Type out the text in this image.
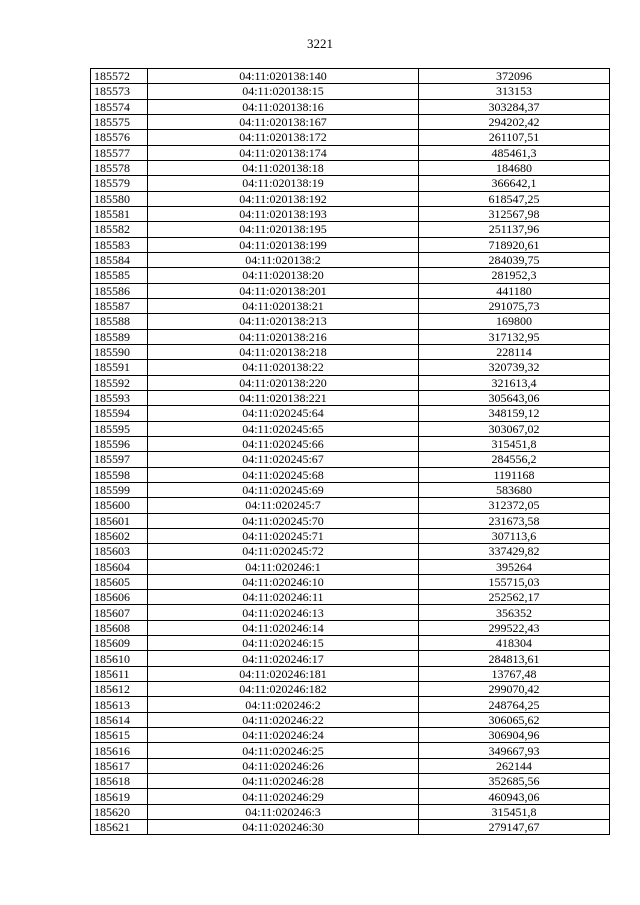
3221
185572	04:11:020138:140	372096
185573	04:11:020138:15	313153
185574	04:11:020138:16	303284,37
185575	04:11:020138:167	294202,42
185576	04:11:020138:172	261107,51
185577	04:11:020138:174	485461,3
185578	04:11:020138:18	184680
185579	04:11:020138:19	366642,1
185580	04:11:020138:192	618547,25
185581	04:11:020138:193	312567,98
185582	04:11:020138:195	251137,96
185583	04:11:020138:199	718920,61
185584	04:11:020138:2	284039,75
185585	04:11:020138:20	281952,3
185586	04:11:020138:201	441180
185587	04:11:020138:21	291075,73
185588	04:11:020138:213	169800
185589	04:11:020138:216	317132,95
185590	04:11:020138:218	228114
185591	04:11:020138:22	320739,32
185592	04:11:020138:220	321613,4
185593	04:11:020138:221	305643,06
185594	04:11:020245:64	348159,12
185595	04:11:020245:65	303067,02
185596	04:11:020245:66	315451,8
185597	04:11:020245:67	284556,2
185598	04:11:020245:68	1191168
185599	04:11:020245:69	583680
185600	04:11:020245:7	312372,05
185601	04:11:020245:70	231673,58
185602	04:11:020245:71	307113,6
185603	04:11:020245:72	337429,82
185604	04:11:020246:1	395264
185605	04:11:020246:10	155715,03
185606	04:11:020246:11	252562,17
185607	04:11:020246:13	356352
185608	04:11:020246:14	299522,43
185609	04:11:020246:15	418304
185610	04:11:020246:17	284813,61
185611	04:11:020246:181	13767,48
185612	04:11:020246:182	299070,42
185613	04:11:020246:2	248764,25
185614	04:11:020246:22	306065,62
185615	04:11:020246:24	306904,96
185616	04:11:020246:25	349667,93
185617	04:11:020246:26	262144
185618	04:11:020246:28	352685,56
185619	04:11:020246:29	460943,06
185620	04:11:020246:3	315451,8
185621	04:11:020246:30	279147,67
